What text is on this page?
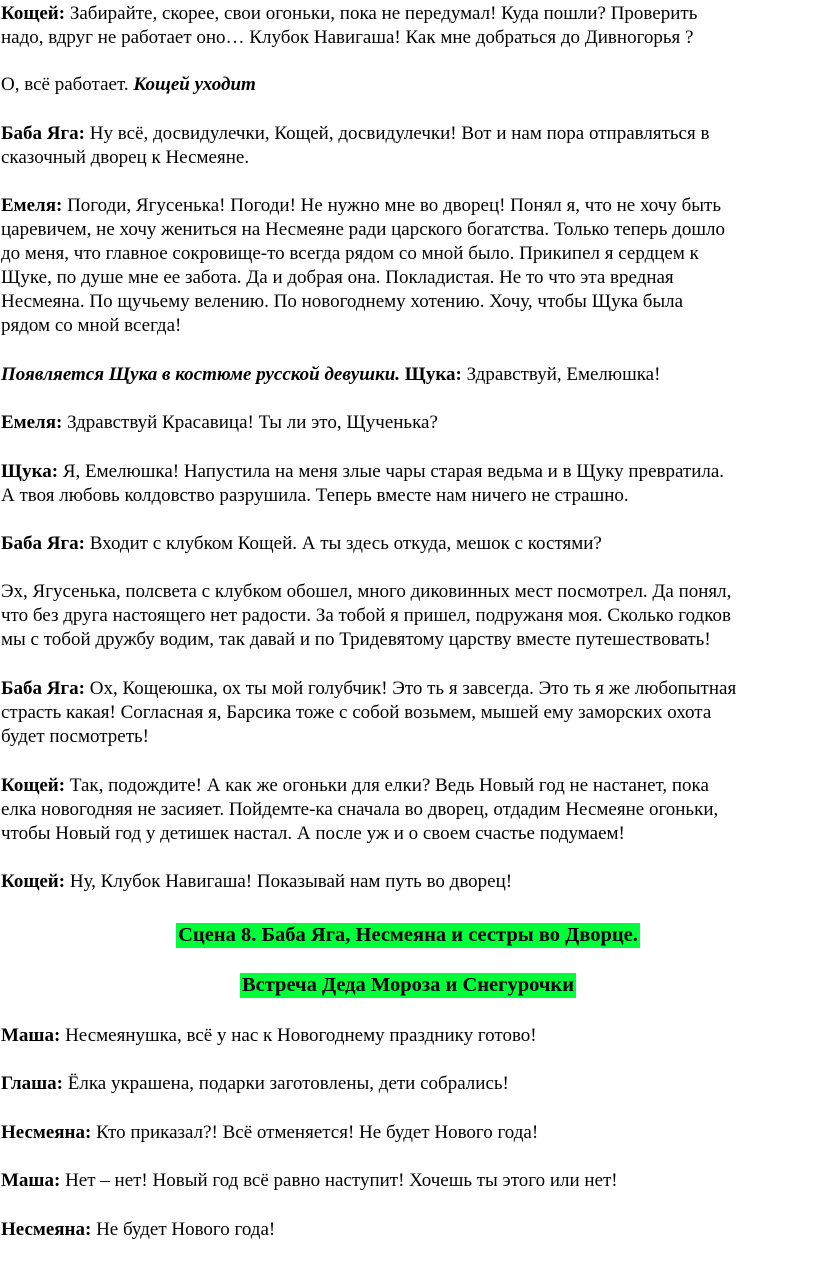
Кощей: Забирайте, скорее, свои огоньки, пока не передумал! Куда пошли? Проверить
надо, вдруг не работает оно… Клубок Навигаша! Как мне добраться до Дивногорья ?
О, всё работает. Кощей уходит
Баба Яга: Ну всё, досвидулечки, Кощей, досвидулечки! Вот и нам пора отправляться в
сказочный дворец к Несмеяне.
Емеля: Погоди, Ягусенька! Погоди! Не нужно мне во дворец! Понял я, что не хочу быть
царевичем, не хочу жениться на Несмеяне ради царского богатства. Только теперь дошло
до меня, что главное сокровище-то всегда рядом со мной было. Прикипел я сердцем к
Щуке, по душе мне ее забота. Да и добрая она. Покладистая. Не то что эта вредная
Несмеяна. По щучьему велению. По новогоднему хотению. Хочу, чтобы Щука была
рядом со мной всегда!
Появляется Щука в костюме русской девушки. Щука: Здравствуй, Емелюшка!
Емеля: Здравствуй Красавица! Ты ли это, Щученька?
Щука: Я, Емелюшка! Напустила на меня злые чары старая ведьма и в Щуку превратила.
А твоя любовь колдовство разрушила. Теперь вместе нам ничего не страшно.
Баба Яга: Входит с клубком Кощей. А ты здесь откуда, мешок с костями?
Эх, Ягусенька, полсвета с клубком обошел, много диковинных мест посмотрел. Да понял,
что без друга настоящего нет радости. За тобой я пришел, подружаня моя. Сколько годков
мы с тобой дружбу водим, так давай и по Тридевятому царству вместе путешествовать!
Баба Яга: Ох, Кощеюшка, ох ты мой голубчик! Это ть я завсегда. Это ть я же любопытная
страсть какая! Согласная я, Барсика тоже с собой возьмем, мышей ему заморских охота
будет посмотреть!
Кощей: Так, подождите! А как же огоньки для елки? Ведь Новый год не настанет, пока
елка новогодняя не засияет. Пойдемте-ка сначала во дворец, отдадим Несмеяне огоньки,
чтобы Новый год у детишек настал. А после уж и о своем счастье подумаем!
Кощей: Ну, Клубок Навигаша! Показывай нам путь во дворец!
Сцена 8. Баба Яга, Несмеяна и сестры во Дворце.
Встреча Деда Мороза и Снегурочки
Маша: Несмеянушка, всё у нас к Новогоднему празднику готово!
Глаша: Ёлка украшена, подарки заготовлены, дети собрались!
Несмеяна: Кто приказал?! Всё отменяется! Не будет Нового года!
Маша: Нет – нет! Новый год всё равно наступит! Хочешь ты этого или нет!
Несмеяна: Не будет Нового года!
